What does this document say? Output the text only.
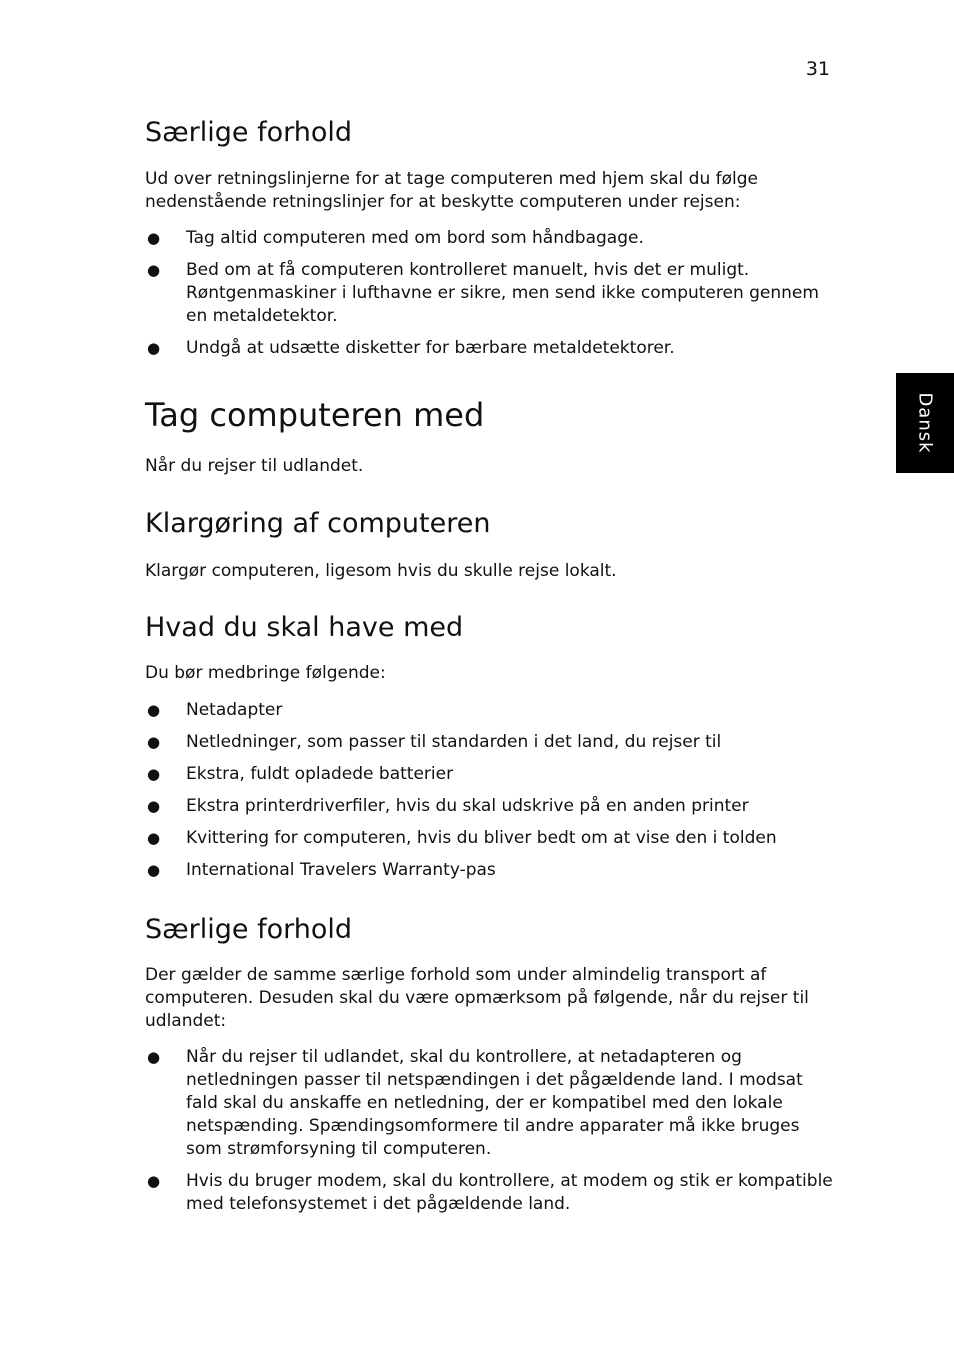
31
Dansk
Særlige forhold

Ud over retningslinjerne for at tage computeren med hjem skal du følge nedenstående retningslinjer for at beskytte computeren under rejsen:

● Tag altid computeren med om bord som håndbagage.
● Bed om at få computeren kontrolleret manuelt, hvis det er muligt. Røntgenmaskiner i lufthavne er sikre, men send ikke computeren gennem en metaldetektor.
● Undgå at udsætte disketter for bærbare metaldetektorer.
Tag computeren med

Når du rejser til udlandet.

Klargøring af computeren

Klargør computeren, ligesom hvis du skulle rejse lokalt.

Hvad du skal have med

Du bør medbringe følgende:

● Netadapter
● Netledninger, som passer til standarden i det land, du rejser til
● Ekstra, fuldt opladede batterier
● Ekstra printerdriverfiler, hvis du skal udskrive på en anden printer
● Kvittering for computeren, hvis du bliver bedt om at vise den i tolden
● International Travelers Warranty-pas
Særlige forhold

Der gælder de samme særlige forhold som under almindelig transport af computeren. Desuden skal du være opmærksom på følgende, når du rejser til udlandet:

● Når du rejser til udlandet, skal du kontrollere, at netadapteren og netledningen passer til netspændingen i det pågældende land. I modsat fald skal du anskaffe en netledning, der er kompatibel med den lokale netspænding. Spændingsomformere til andre apparater må ikke bruges som strømforsyning til computeren.
● Hvis du bruger modem, skal du kontrollere, at modem og stik er kompatible med telefonsystemet i det pågældende land.
